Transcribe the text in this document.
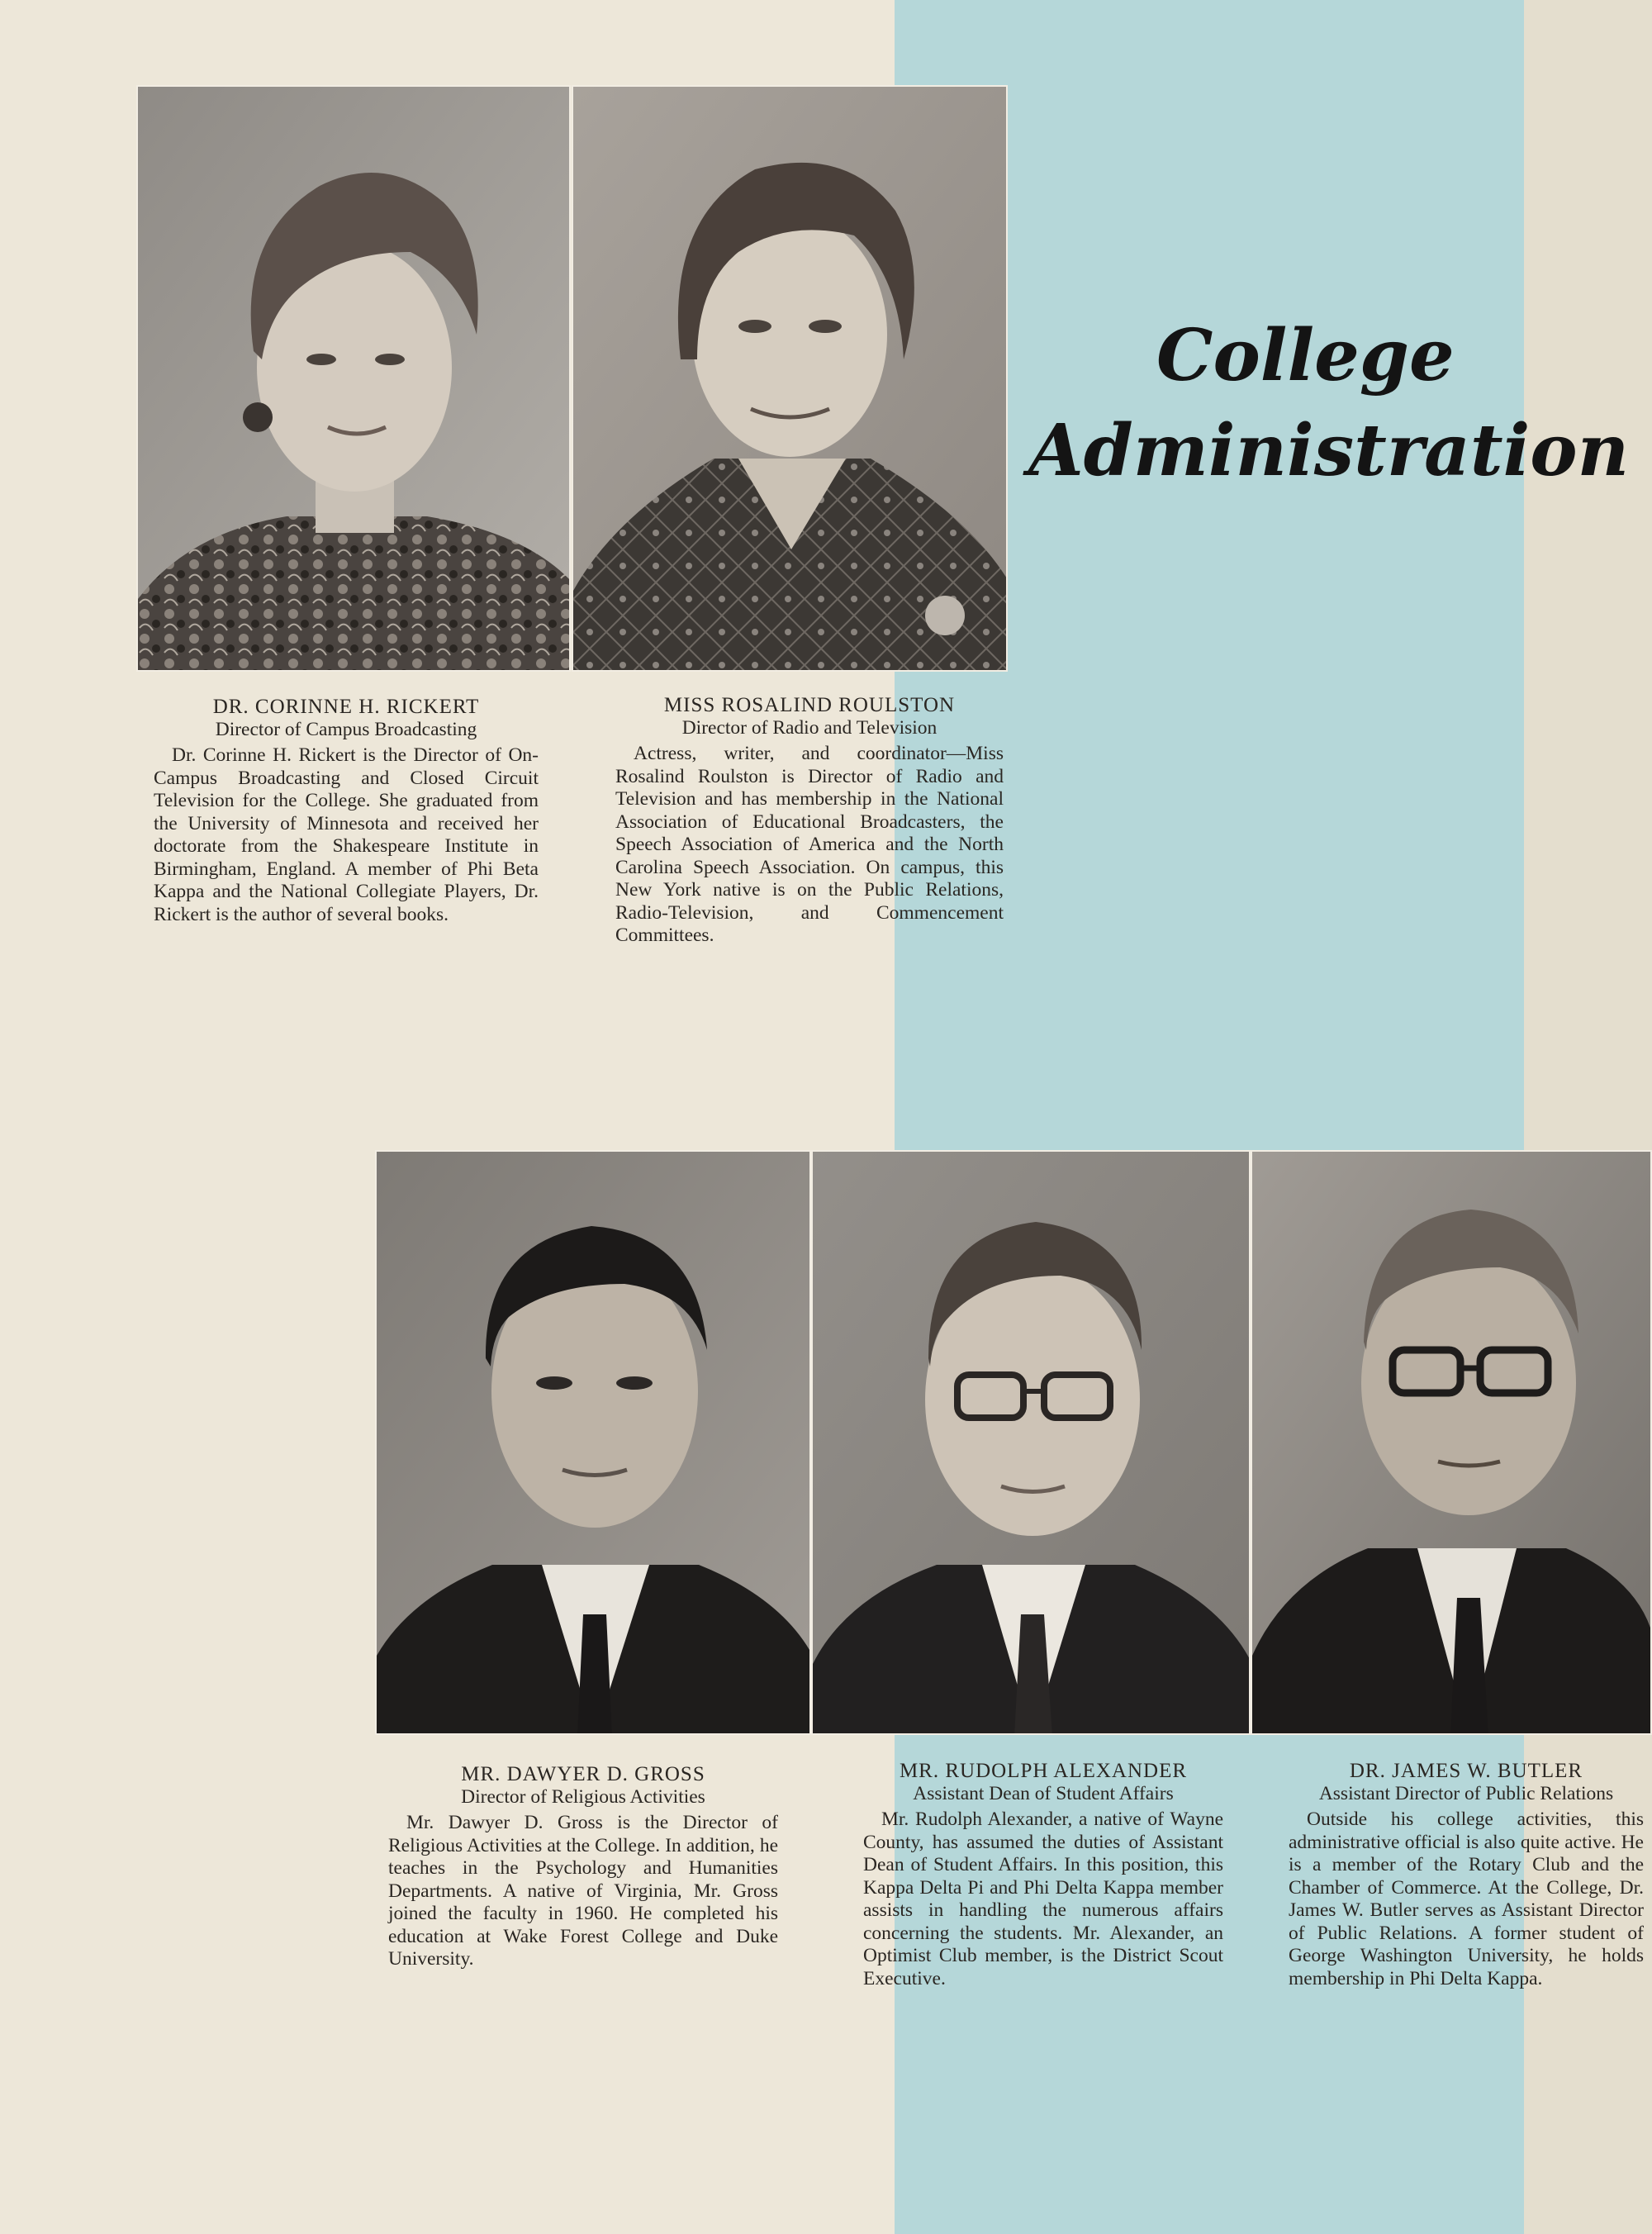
College
Administration
DR. CORINNE H. RICKERT
Director of Campus Broadcasting
Dr. Corinne H. Rickert is the Director of On-Campus Broadcasting and Closed Circuit Television for the College. She graduated from the University of Minnesota and received her doctorate from the Shakespeare Institute in Birmingham, England. A member of Phi Beta Kappa and the National Collegiate Players, Dr. Rickert is the author of several books.
MISS ROSALIND ROULSTON
Director of Radio and Television
Actress, writer, and coordinator—Miss Rosalind Roulston is Director of Radio and Television and has membership in the National Association of Educational Broadcasters, the Speech Association of America and the North Carolina Speech Association. On campus, this New York native is on the Public Relations, Radio-Television, and Commencement Committees.
MR. DAWYER D. GROSS
Director of Religious Activities
Mr. Dawyer D. Gross is the Director of Religious Activities at the College. In addition, he teaches in the Psychology and Humanities Departments. A native of Virginia, Mr. Gross joined the faculty in 1960. He completed his education at Wake Forest College and Duke University.
MR. RUDOLPH ALEXANDER
Assistant Dean of Student Affairs
Mr. Rudolph Alexander, a native of Wayne County, has assumed the duties of Assistant Dean of Student Affairs. In this position, this Kappa Delta Pi and Phi Delta Kappa member assists in handling the numerous affairs concerning the students. Mr. Alexander, an Optimist Club member, is the District Scout Executive.
DR. JAMES W. BUTLER
Assistant Director of Public Relations
Outside his college activities, this administrative official is also quite active. He is a member of the Rotary Club and the Chamber of Commerce. At the College, Dr. James W. Butler serves as Assistant Director of Public Relations. A former student of George Washington University, he holds membership in Phi Delta Kappa.
